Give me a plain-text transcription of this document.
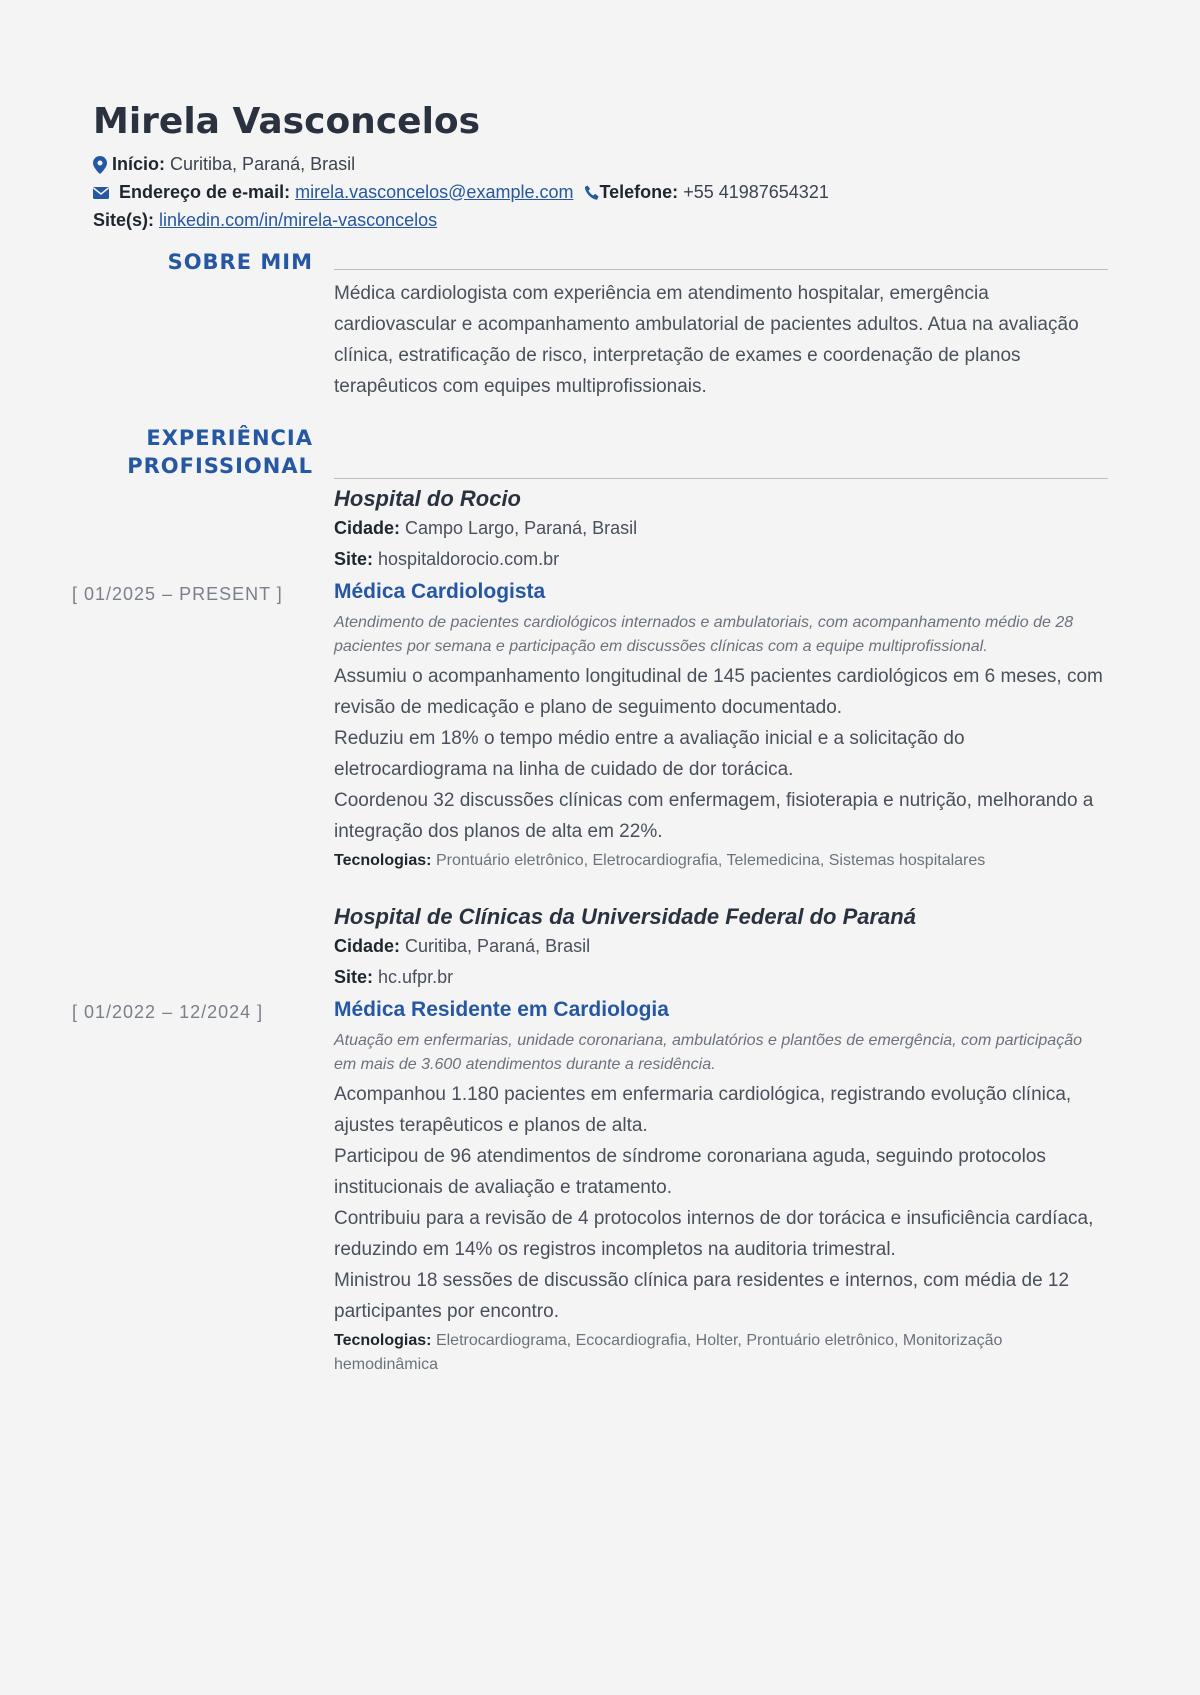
Mirela Vasconcelos
Início: Curitiba, Paraná, Brasil
Endereço de e-mail: mirela.vasconcelos@example.com Telefone: +55 41987654321
Site(s): linkedin.com/in/mirela-vasconcelos
SOBRE MIM
Médica cardiologista com experiência em atendimento hospitalar, emergência cardiovascular e acompanhamento ambulatorial de pacientes adultos. Atua na avaliação clínica, estratificação de risco, interpretação de exames e coordenação de planos terapêuticos com equipes multiprofissionais.
EXPERIÊNCIA
PROFISSIONAL
Hospital do Rocio
Cidade: Campo Largo, Paraná, Brasil
Site: hospitaldorocio.com.br
[ 01/2025 – PRESENT ]	Médica Cardiologista
Atendimento de pacientes cardiológicos internados e ambulatoriais, com acompanhamento médio de 28 pacientes por semana e participação em discussões clínicas com a equipe multiprofissional.
Assumiu o acompanhamento longitudinal de 145 pacientes cardiológicos em 6 meses, com revisão de medicação e plano de seguimento documentado.
Reduziu em 18% o tempo médio entre a avaliação inicial e a solicitação do eletrocardiograma na linha de cuidado de dor torácica.
Coordenou 32 discussões clínicas com enfermagem, fisioterapia e nutrição, melhorando a integração dos planos de alta em 22%.
Tecnologias: Prontuário eletrônico, Eletrocardiografia, Telemedicina, Sistemas hospitalares
Hospital de Clínicas da Universidade Federal do Paraná
Cidade: Curitiba, Paraná, Brasil
Site: hc.ufpr.br
[ 01/2022 – 12/2024 ]	Médica Residente em Cardiologia
Atuação em enfermarias, unidade coronariana, ambulatórios e plantões de emergência, com participação em mais de 3.600 atendimentos durante a residência.
Acompanhou 1.180 pacientes em enfermaria cardiológica, registrando evolução clínica, ajustes terapêuticos e planos de alta.
Participou de 96 atendimentos de síndrome coronariana aguda, seguindo protocolos institucionais de avaliação e tratamento.
Contribuiu para a revisão de 4 protocolos internos de dor torácica e insuficiência cardíaca, reduzindo em 14% os registros incompletos na auditoria trimestral.
Ministrou 18 sessões de discussão clínica para residentes e internos, com média de 12 participantes por encontro.
Tecnologias: Eletrocardiograma, Ecocardiografia, Holter, Prontuário eletrônico, Monitorização hemodinâmica
